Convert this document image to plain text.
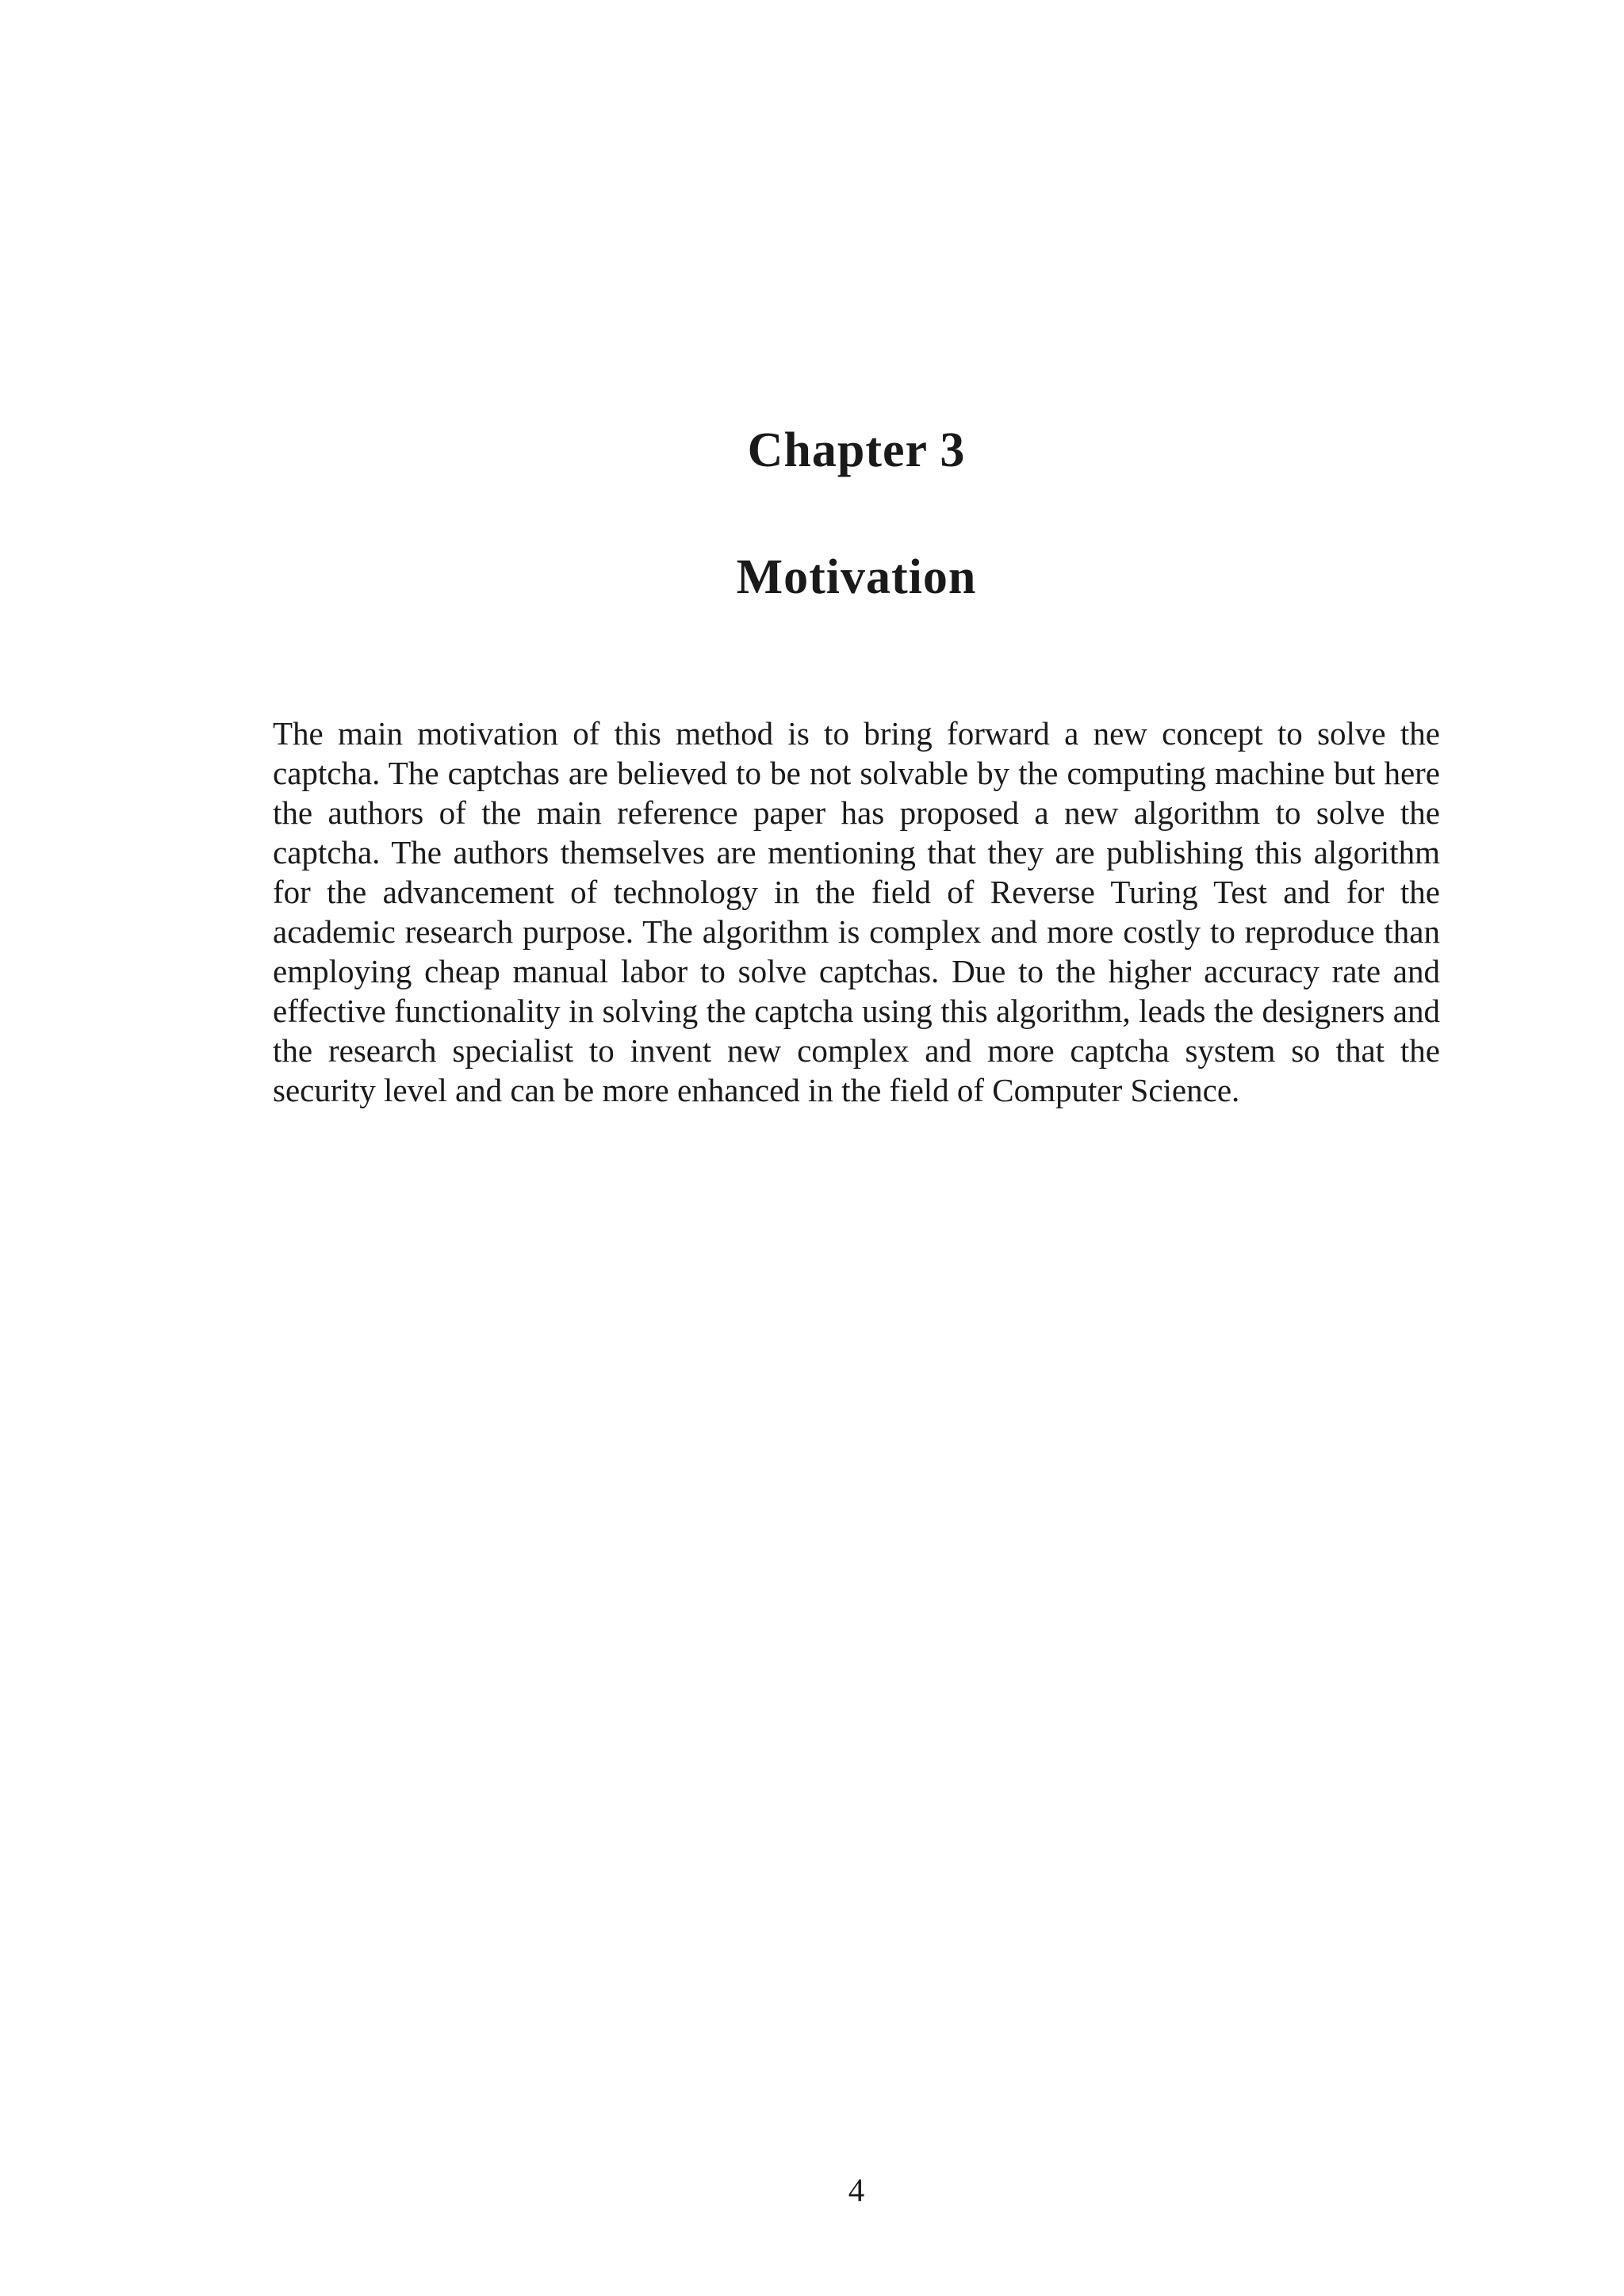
Chapter 3
Motivation

The main motivation of this method is to bring forward a new concept to solve the captcha. The captchas are believed to be not solvable by the computing machine but here the authors of the main reference paper has proposed a new algorithm to solve the captcha. The authors themselves are mentioning that they are publishing this algorithm for the advancement of technology in the field of Reverse Turing Test and for the academic research purpose. The algorithm is complex and more costly to reproduce than employing cheap manual labor to solve captchas. Due to the higher accuracy rate and effective functionality in solving the captcha using this algorithm, leads the designers and the research specialist to invent new complex and more captcha system so that the security level and can be more enhanced in the field of Computer Science.

4
